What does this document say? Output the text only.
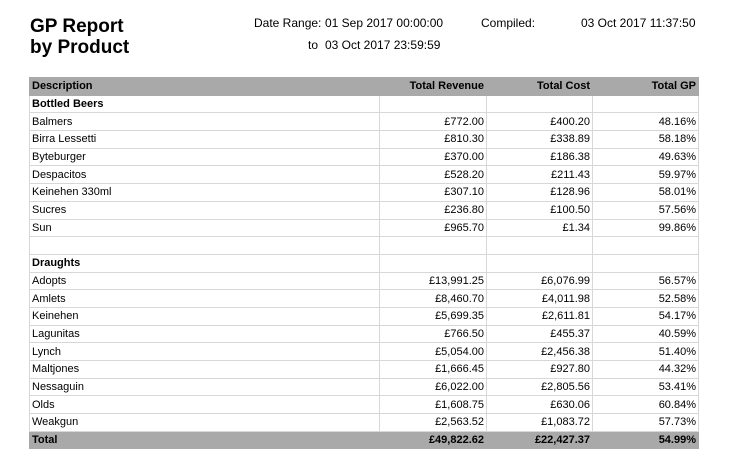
GP Report
by Product
Date Range: 01 Sep 2017 00:00:00
to 03 Oct 2017 23:59:59
Compiled:	03 Oct 2017 11:37:50
Description	Total Revenue	Total Cost	Total GP
Bottled Beers			
Balmers	£772.00	£400.20	48.16%
Birra Lessetti	£810.30	£338.89	58.18%
Byteburger	£370.00	£186.38	49.63%
Despacitos	£528.20	£211.43	59.97%
Keinehen 330ml	£307.10	£128.96	58.01%
Sucres	£236.80	£100.50	57.56%
Sun	£965.70	£1.34	99.86%

Draughts			
Adopts	£13,991.25	£6,076.99	56.57%
Amlets	£8,460.70	£4,011.98	52.58%
Keinehen	£5,699.35	£2,611.81	54.17%
Lagunitas	£766.50	£455.37	40.59%
Lynch	£5,054.00	£2,456.38	51.40%
Maltjones	£1,666.45	£927.80	44.32%
Nessaguin	£6,022.00	£2,805.56	53.41%
Olds	£1,608.75	£630.06	60.84%
Weakgun	£2,563.52	£1,083.72	57.73%
Total	£49,822.62	£22,427.37	54.99%
